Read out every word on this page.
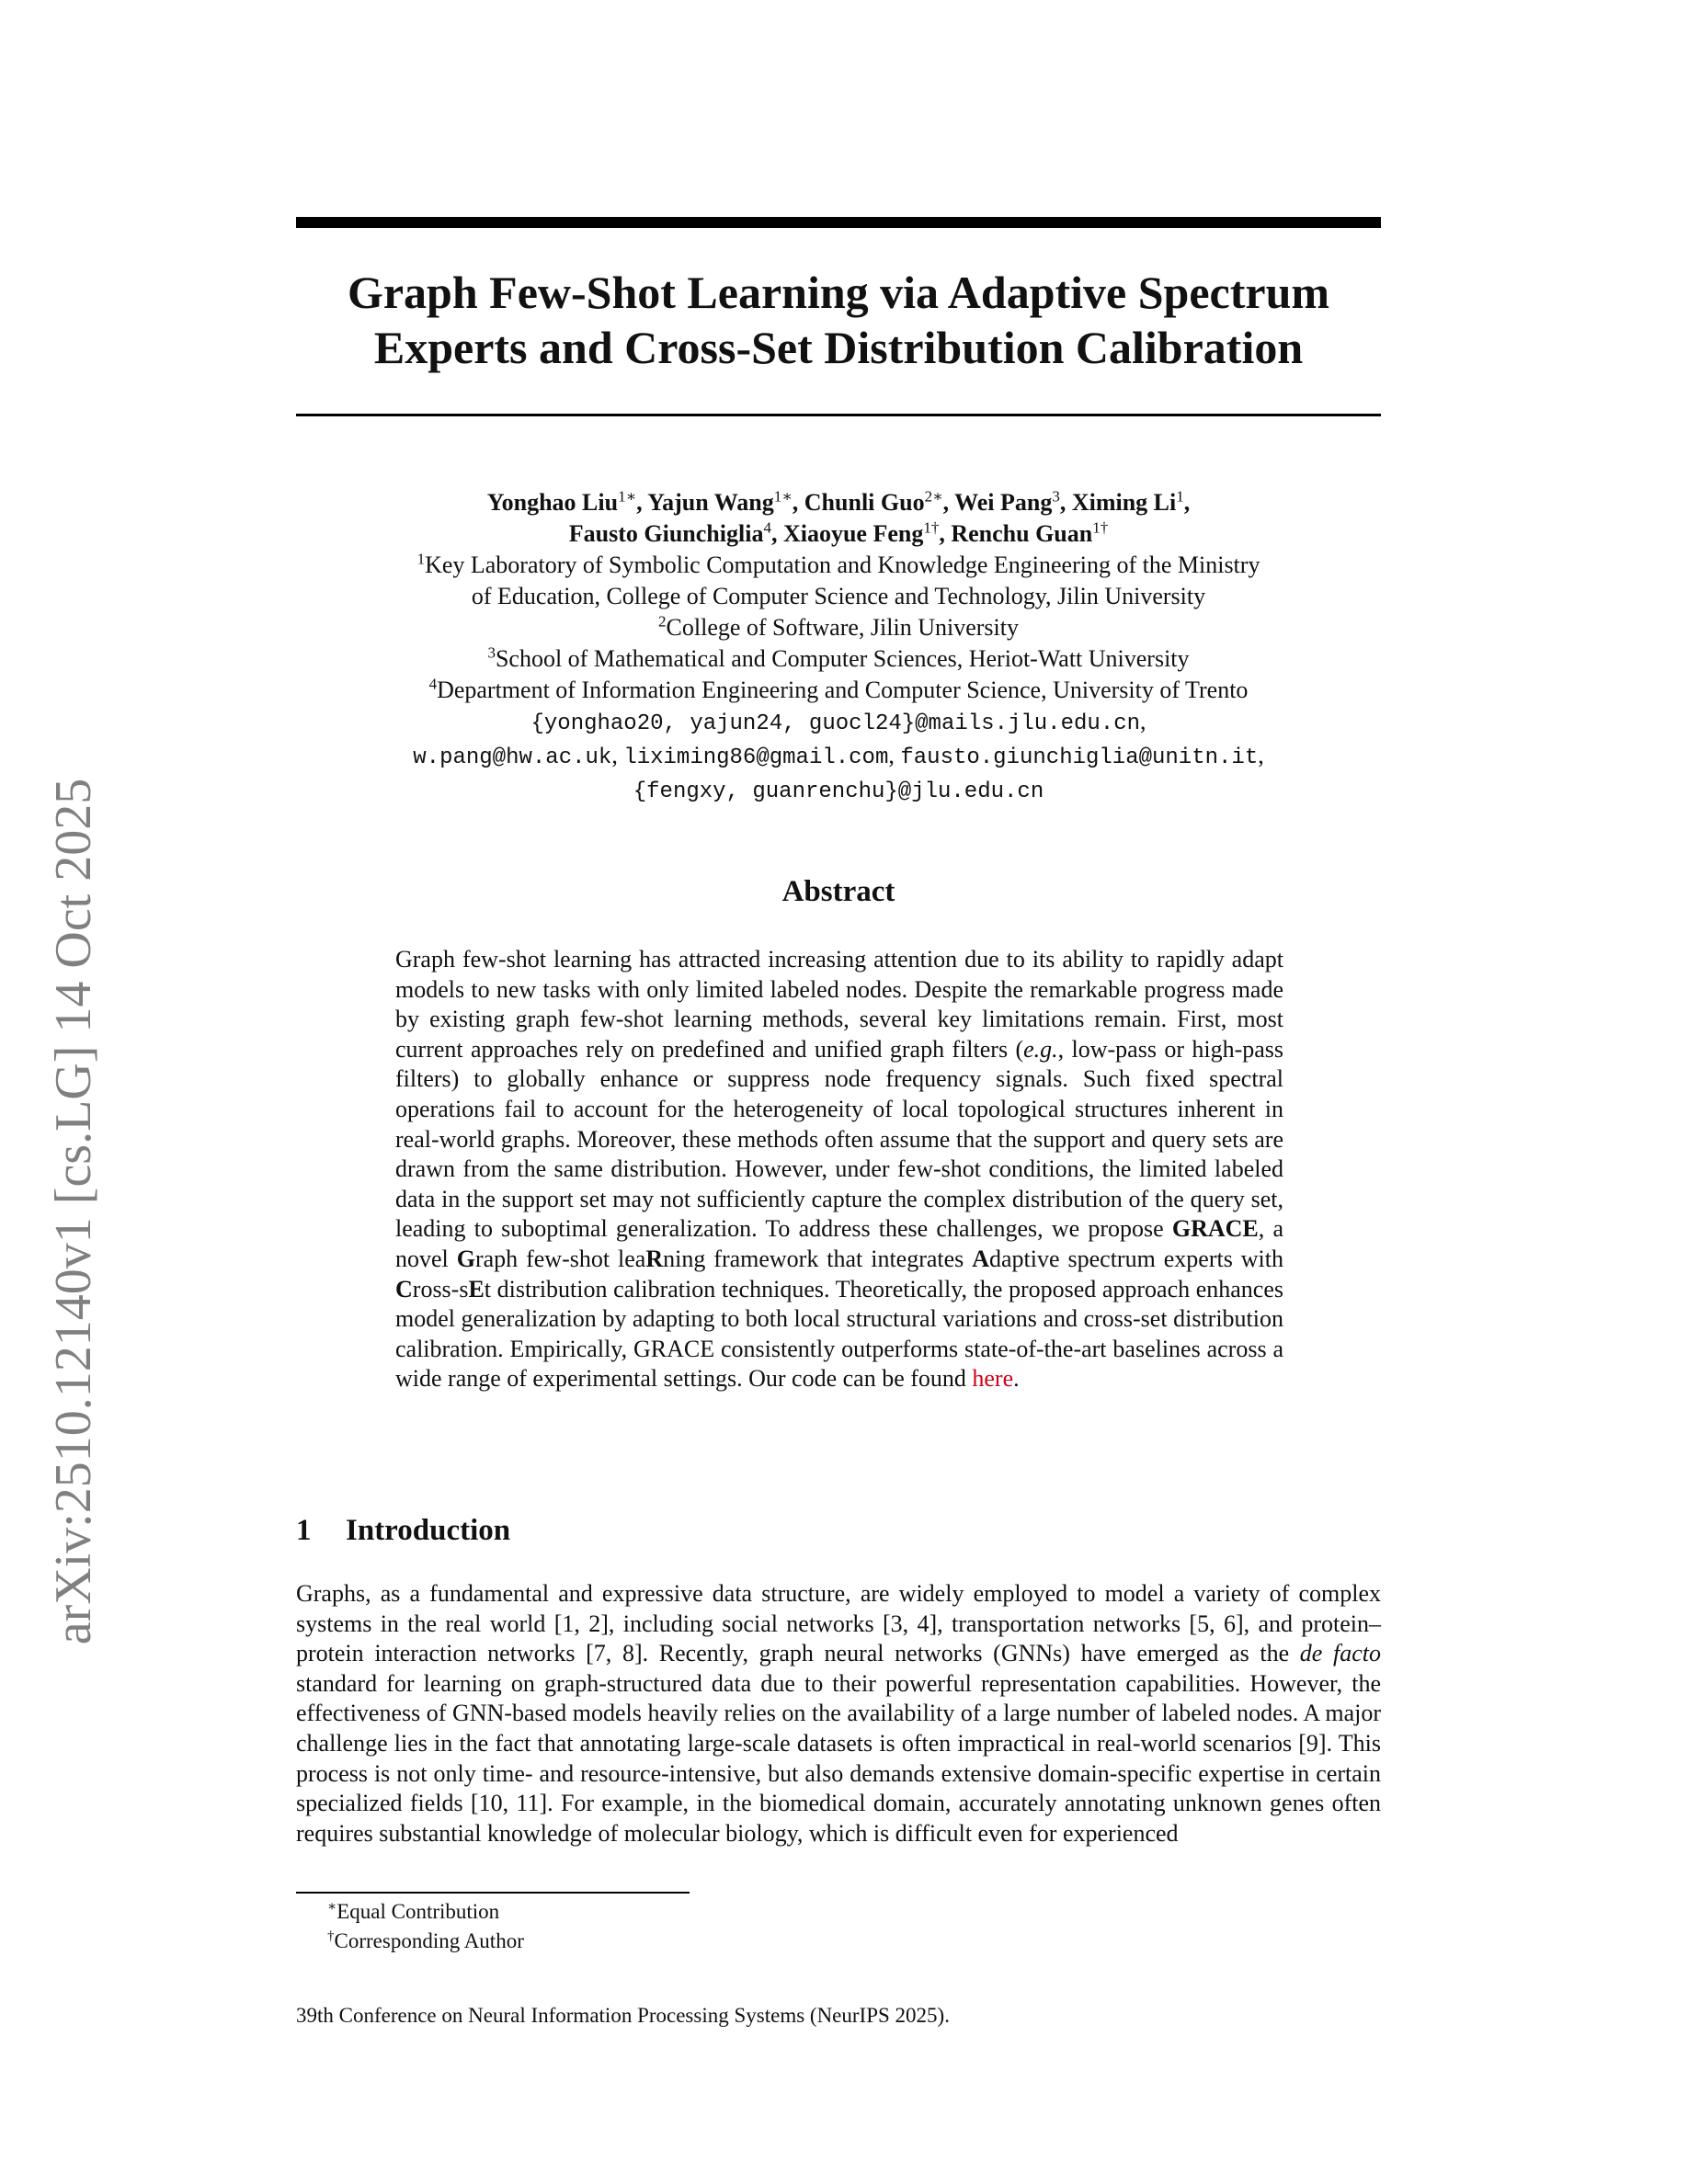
arXiv:2510.12140v1 [cs.LG] 14 Oct 2025
Graph Few-Shot Learning via Adaptive Spectrum
Experts and Cross-Set Distribution Calibration
Yonghao Liu$^{1∗}$, Yajun Wang$^{1∗}$, Chunli Guo$^{2∗}$, Wei Pang$^3$, Ximing Li$^1$,
Fausto Giunchiglia$^4$, Xiaoyue Feng$^{1\dagger}$, Renchu Guan$^{1\dagger}$
$^1$Key Laboratory of Symbolic Computation and Knowledge Engineering of the Ministry
of Education, College of Computer Science and Technology, Jilin University
$^2$College of Software, Jilin University
$^3$School of Mathematical and Computer Sciences, Heriot-Watt University
$^4$Department of Information Engineering and Computer Science, University of Trento
{yonghao20, yajun24, guocl24}@mails.jlu.edu.cn,
w.pang@hw.ac.uk, liximing86@gmail.com, fausto.giunchiglia@unitn.it,
{fengxy, guanrenchu}@jlu.edu.cn
Abstract
Graph few-shot learning has attracted increasing attention due to its ability to rapidly adapt models to new tasks with only limited labeled nodes. Despite the remarkable progress made by existing graph few-shot learning methods, several key limitations remain. First, most current approaches rely on predefined and unified graph filters (e.g., low-pass or high-pass filters) to globally enhance or suppress node frequency signals. Such fixed spectral operations fail to account for the heterogeneity of local topological structures inherent in real-world graphs. Moreover, these methods often assume that the support and query sets are drawn from the same distribution. However, under few-shot conditions, the limited labeled data in the support set may not sufficiently capture the complex distribution of the query set, leading to suboptimal generalization. To address these challenges, we propose GRACE, a novel Graph few-shot leaRning framework that integrates Adaptive spectrum experts with Cross-sEt distribution calibration techniques. Theoretically, the proposed approach enhances model generalization by adapting to both local structural variations and cross-set distribution calibration. Empirically, GRACE consistently outperforms state-of-the-art baselines across a wide range of experimental settings. Our code can be found here.
1 Introduction
Graphs, as a fundamental and expressive data structure, are widely employed to model a variety of complex systems in the real world [1, 2], including social networks [3, 4], transportation networks [5, 6], and protein–protein interaction networks [7, 8]. Recently, graph neural networks (GNNs) have emerged as the de facto standard for learning on graph-structured data due to their powerful representation capabilities. However, the effectiveness of GNN-based models heavily relies on the availability of a large number of labeled nodes. A major challenge lies in the fact that annotating large-scale datasets is often impractical in real-world scenarios [9]. This process is not only time- and resource-intensive, but also demands extensive domain-specific expertise in certain specialized fields [10, 11]. For example, in the biomedical domain, accurately annotating unknown genes often requires substantial knowledge of molecular biology, which is difficult even for experienced
∗Equal Contribution
†Corresponding Author
39th Conference on Neural Information Processing Systems (NeurIPS 2025).
